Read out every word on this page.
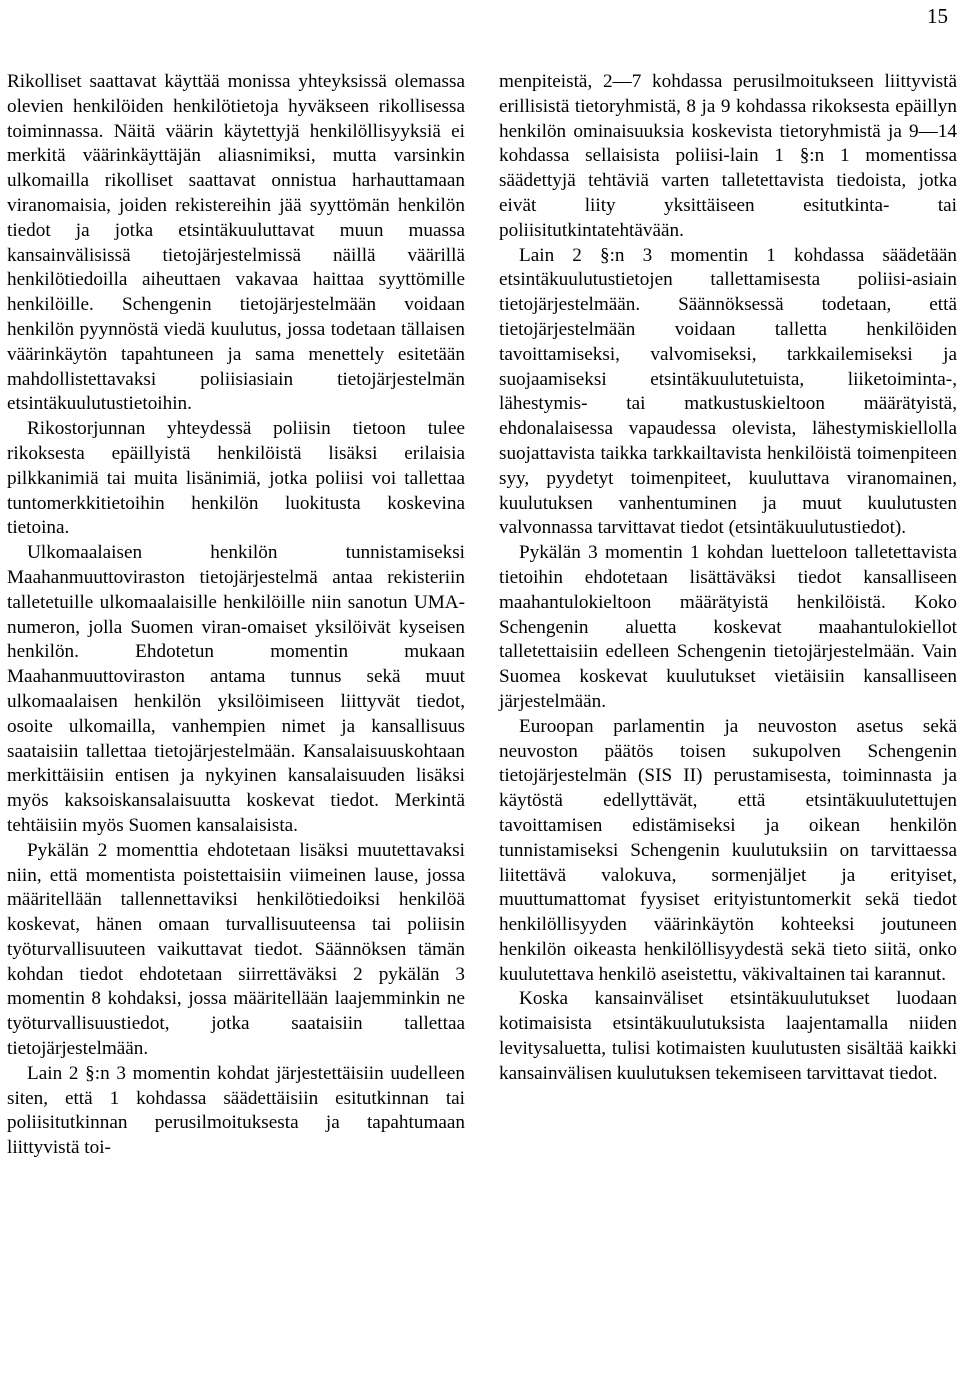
15

Rikolliset saattavat käyttää monissa yhteyksissä olemassa olevien henkilöiden henkilötietoja hyväkseen rikollisessa toiminnassa. Näitä väärin käytettyjä henkilöllisyyksiä ei merkitä väärinkäyttäjän aliasnimiksi, mutta varsinkin ulkomailla rikolliset saattavat onnistua harhauttamaan viranomaisia, joiden rekistereihin jää syyttömän henkilön tiedot ja jotka etsintäkuuluttavat muun muassa kansainvälisissä tietojärjestelmissä näillä väärillä henkilötiedoilla aiheuttaen vakavaa haittaa syyttömille henkilöille. Schengenin tietojärjestelmään voidaan henkilön pyynnöstä viedä kuulutus, jossa todetaan tällaisen väärinkäytön tapahtuneen ja sama menettely esitetään mahdollistettavaksi poliisiasiain tietojärjestelmän etsintäkuulutustietoihin.

Rikostorjunnan yhteydessä poliisin tietoon tulee rikoksesta epäillyistä henkilöistä lisäksi erilaisia pilkkanimiä tai muita lisänimiä, jotka poliisi voi tallettaa tuntomerkkitietoihin henkilön luokitusta koskevina tietoina.

Ulkomaalaisen henkilön tunnistamiseksi Maahanmuuttoviraston tietojärjestelmä antaa rekisteriin talletetuille ulkomaalaisille henkilöille niin sanotun UMA-numeron, jolla Suomen viran-omaiset yksilöivät kyseisen henkilön. Ehdotetun momentin mukaan Maahanmuuttoviraston antama tunnus sekä muut ulkomaalaisen henkilön yksilöimiseen liittyvät tiedot, osoite ulkomailla, vanhempien nimet ja kansallisuus saataisiin tallettaa tietojärjestelmään. Kansalaisuuskohtaan merkittäisiin entisen ja nykyinen kansalaisuuden lisäksi myös kaksoiskansalaisuutta koskevat tiedot. Merkintä tehtäisiin myös Suomen kansalaisista.

Pykälän 2 momenttia ehdotetaan lisäksi muutettavaksi niin, että momentista poistettaisiin viimeinen lause, jossa määritellään tallennettaviksi henkilötiedoiksi henkilöä koskevat, hänen omaan turvallisuuteensa tai poliisin työturvallisuuteen vaikuttavat tiedot. Säännöksen tämän kohdan tiedot ehdotetaan siirrettäväksi 2 pykälän 3 momentin 8 kohdaksi, jossa määritellään laajemminkin ne työturvallisuustiedot, jotka saataisiin tallettaa tietojärjestelmään.

Lain 2 §:n 3 momentin kohdat järjestettäisiin uudelleen siten, että 1 kohdassa säädettäisiin esitutkinnan tai poliisitutkinnan perusilmoituksesta ja tapahtumaan liittyvistä toi-

menpiteistä, 2—7 kohdassa perusilmoitukseen liittyvistä erillisistä tietoryhmistä, 8 ja 9 kohdassa rikoksesta epäillyn henkilön ominaisuuksia koskevista tietoryhmistä ja 9—14 kohdassa sellaisista poliisi-lain 1 §:n 1 momentissa säädettyjä tehtäviä varten talletettavista tiedoista, jotka eivät liity yksittäiseen esitutkinta- tai poliisitutkintatehtävään.

Lain 2 §:n 3 momentin 1 kohdassa säädetään etsintäkuulutustietojen tallettamisesta poliisi-asiain tietojärjestelmään. Säännöksessä todetaan, että tietojärjestelmään voidaan talletta henkilöiden tavoittamiseksi, valvomiseksi, tarkkailemiseksi ja suojaamiseksi etsintäkuulutetuista, liiketoiminta-, lähestymis- tai matkustuskieltoon määrätyistä, ehdonalaisessa vapaudessa olevista, lähestymiskiellolla suojattavista taikka tarkkailtavista henkilöistä toimenpiteen syy, pyydetyt toimenpiteet, kuuluttava viranomainen, kuulutuksen vanhentuminen ja muut kuulutusten valvonnassa tarvittavat tiedot (etsintäkuulutustiedot).

Pykälän 3 momentin 1 kohdan luetteloon talletettavista tietoihin ehdotetaan lisättäväksi tiedot kansalliseen maahantulokieltoon määrätyistä henkilöistä. Koko Schengenin aluetta koskevat maahantulokiellot talletettaisiin edelleen Schengenin tietojärjestelmään. Vain Suomea koskevat kuulutukset vietäisiin kansalliseen järjestelmään.

Euroopan parlamentin ja neuvoston asetus sekä neuvoston päätös toisen sukupolven Schengenin tietojärjestelmän (SIS II) perustamisesta, toiminnasta ja käytöstä edellyttävät, että etsintäkuulutettujen tavoittamisen edistämiseksi ja oikean henkilön tunnistamiseksi Schengenin kuulutuksiin on tarvittaessa liitettävä valokuva, sormenjäljet ja erityiset, muuttumattomat fyysiset erityistuntomerkit sekä tiedot henkilöllisyyden väärinkäytön kohteeksi joutuneen henkilön oikeasta henkilöllisyydestä sekä tieto siitä, onko kuulutettava henkilö aseistettu, väkivaltainen tai karannut.

Koska kansainväliset etsintäkuulutukset luodaan kotimaisista etsintäkuulutuksista laajentamalla niiden levitysaluetta, tulisi kotimaisten kuulutusten sisältää kaikki kansainvälisen kuulutuksen tekemiseen tarvittavat tiedot.
